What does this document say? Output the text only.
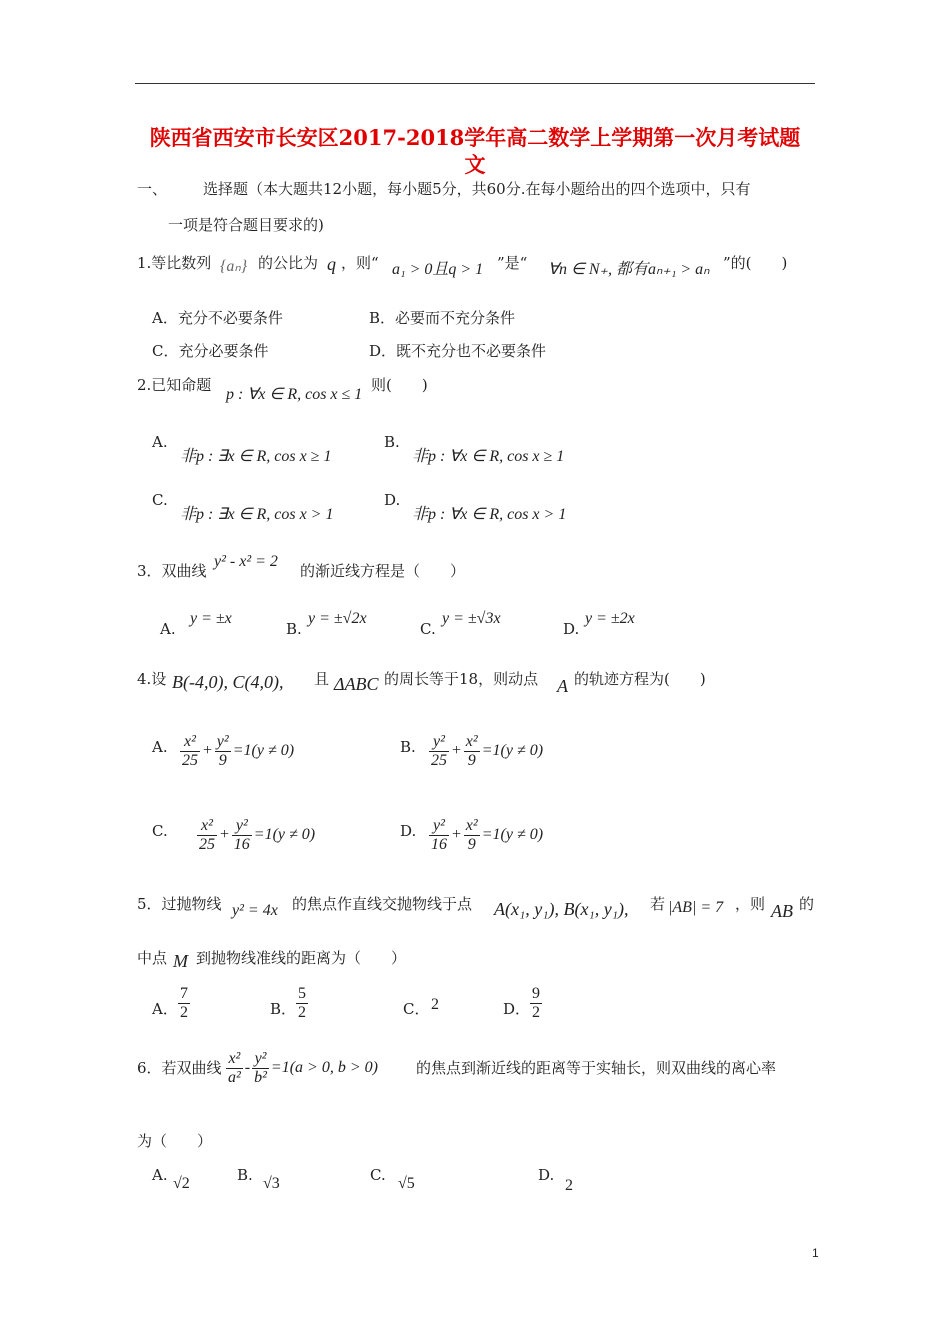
陕西省西安市长安区2017-2018学年高二数学上学期第一次月考试题
文
一、 选择题（本大题共12小题，每小题5分，共60分.在每小题给出的四个选项中，只有
一项是符合题目要求的)
1.等比数列 {aₙ} 的公比为 q ，则“ a₁ > 0且q > 1 ”是“ ∀n ∈ N₊, 都有aₙ₊₁ > aₙ ”的(　　)
A．充分不必要条件	B．必要而不充分条件
C．充分必要条件	D．既不充分也不必要条件
2.已知命题
p : ∀x ∈ R, cos x ≤ 1
则(　　)
A.
非p : ∃x ∈ R, cos x ≥ 1
B.
非p : ∀x ∈ R, cos x ≥ 1
C.
非p : ∃x ∈ R, cos x > 1
D.
非p : ∀x ∈ R, cos x > 1
3．双曲线
y² - x² = 2
的渐近线方程是（　　）
A.
y = ±x
B.
y = ±√2x
C.
y = ±√3x
D.
y = ±2x
4.设 B(-4,0), C(4,0), 且 ΔABC 的周长等于18，则动点 A 的轨迹方程为(　　)
A. $\frac{\text{x²}}{25} + \frac{\text{y²}}{9} =1(y \ne 0)$	B. $\frac{\text{y²}}{25} + \frac{\text{x²}}{9} =1(y \ne 0)$
C. $\frac{\text{x²}}{25} + \frac{\text{y²}}{16} =1(y \ne 0)$	D. $\frac{\text{y²}}{16} + \frac{\text{x²}}{9} =1(y \ne 0)$
5．过抛物线 y² = 4x 的焦点作直线交抛物线于点 A(x₁, y₁), B(x₁, y₁), 若 |AB| = 7 ，则 AB 的
中点 M 到抛物线准线的距离为（　　）
A． $\frac{7}{2}$	B． $\frac{5}{2}$	C． 2	D． $\frac{9}{2}$
6．若双曲线 $\frac{\text{x²}}{\text{a²}} - \frac{\text{y²}}{\text{b²}} =1(a > 0$, b > 0)	的焦点到渐近线的距离等于实轴长，则双曲线的离心率
为（　　）
A. √2	B. √3	C. √5	D.
2
1
